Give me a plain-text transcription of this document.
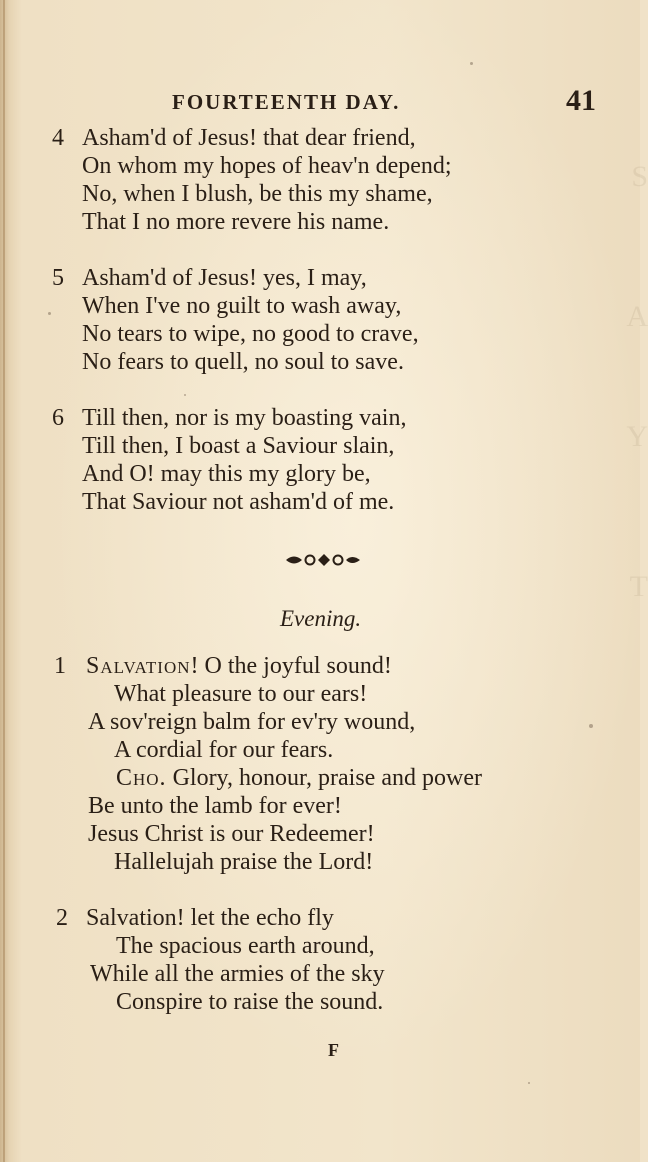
S
A
Y
T
FOURTEENTH DAY.	41
4 Asham'd of Jesus! that dear friend,
On whom my hopes of heav'n depend;
No, when I blush, be this my shame,
That I no more revere his name.
5 Asham'd of Jesus! yes, I may,
When I've no guilt to wash away,
No tears to wipe, no good to crave,
No fears to quell, no soul to save.
6 Till then, nor is my boasting vain,
Till then, I boast a Saviour slain,
And O! may this my glory be,
That Saviour not asham'd of me.
Evening.
1 Salvation! O the joyful sound!
What pleasure to our ears!
A sov'reign balm for ev'ry wound,
A cordial for our fears.
Cho. Glory, honour, praise and power
Be unto the lamb for ever!
Jesus Christ is our Redeemer!
Hallelujah praise the Lord!
2 Salvation! let the echo fly
The spacious earth around,
While all the armies of the sky
Conspire to raise the sound.
F
